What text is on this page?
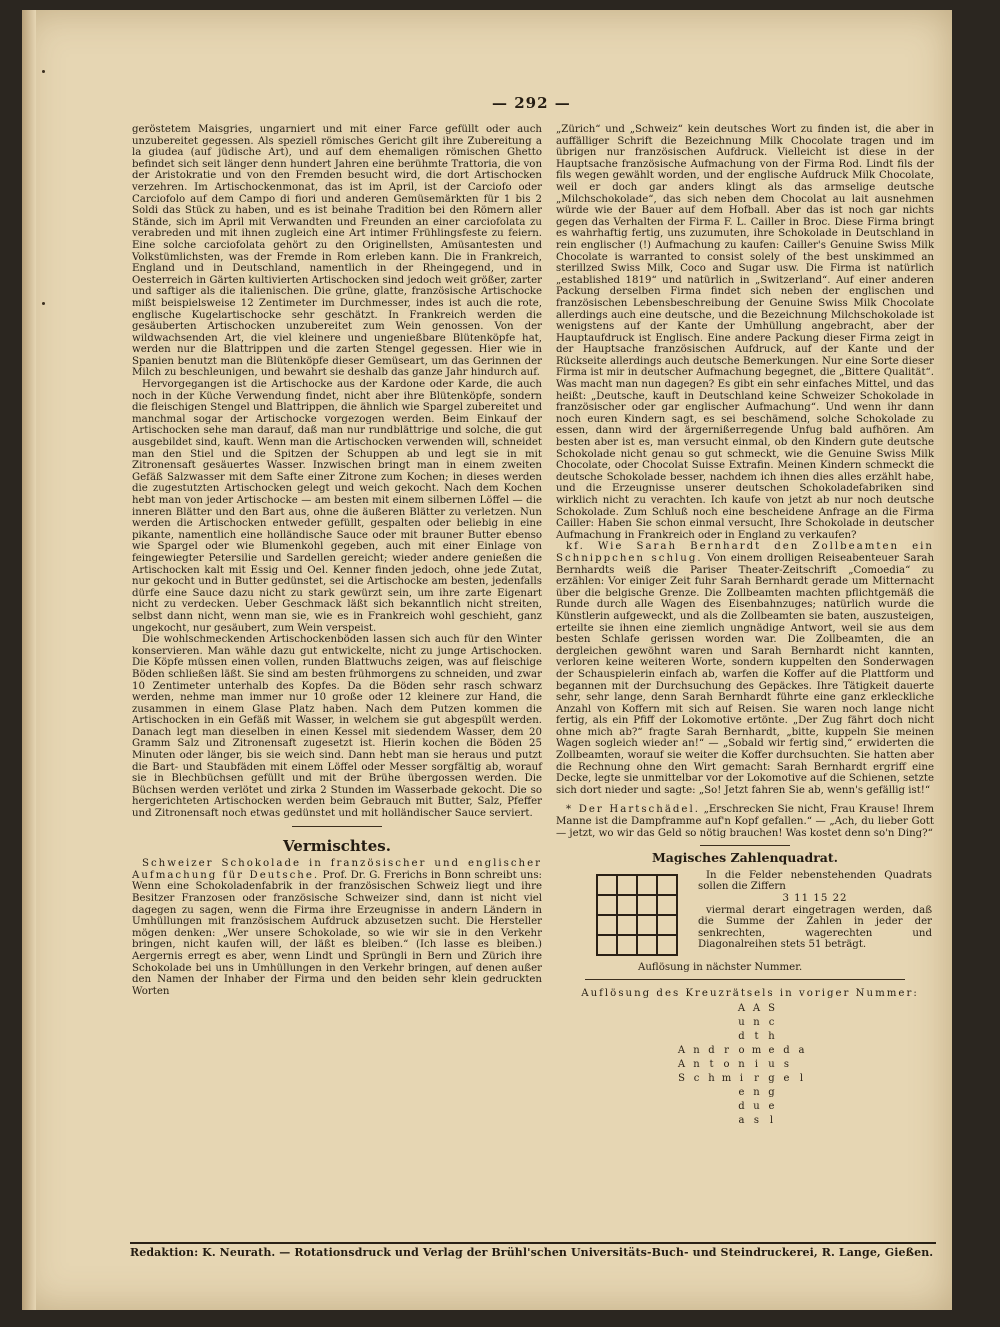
— 292 —

geröstetem Maisgries, ungarniert und mit einer Farce gefüllt oder auch unzubereitet gegessen. Als speziell römisches Gericht gilt ihre Zubereitung a la giudea (auf jüdische Art), und auf dem ehemaligen römischen Ghetto befindet sich seit länger denn hundert Jahren eine berühmte Trattoria, die von der Aristokratie und von den Fremden besucht wird, die dort Artischocken verzehren. Im Artischockenmonat, das ist im April, ist der Carciofo oder Carciofolo auf dem Campo di fiori und anderen Gemüsemärkten für 1 bis 2 Soldi das Stück zu haben, und es ist beinahe Tradition bei den Römern aller Stände, sich im April mit Verwandten und Freunden an einer carciofolata zu verabreden und mit ihnen zugleich eine Art intimer Frühlingsfeste zu feiern. Eine solche carciofolata gehört zu den Originellsten, Amüsantesten und Volkstümlichsten, was der Fremde in Rom erleben kann. Die in Frankreich, England und in Deutschland, namentlich in der Rheingegend, und in Oesterreich in Gärten kultivierten Artischocken sind jedoch weit größer, zarter und saftiger als die italienischen. Die grüne, glatte, französische Artischocke mißt beispielsweise 12 Zentimeter im Durchmesser, indes ist auch die rote, englische Kugelartischocke sehr geschätzt. In Frankreich werden die gesäuberten Artischocken unzubereitet zum Wein genossen. Von der wildwachsenden Art, die viel kleinere und ungenießbare Blütenköpfe hat, werden nur die Blattrippen und die zarten Stengel gegessen. Hier wie in Spanien benutzt man die Blütenköpfe dieser Gemüseart, um das Gerinnen der Milch zu beschleunigen, und bewahrt sie deshalb das ganze Jahr hindurch auf.

Hervorgegangen ist die Artischocke aus der Kardone oder Karde, die auch noch in der Küche Verwendung findet, nicht aber ihre Blütenköpfe, sondern die fleischigen Stengel und Blattrippen, die ähnlich wie Spargel zubereitet und manchmal sogar der Artischocke vorgezogen werden. Beim Einkauf der Artischocken sehe man darauf, daß man nur rundblättrige und solche, die gut ausgebildet sind, kauft. Wenn man die Artischocken verwenden will, schneidet man den Stiel und die Spitzen der Schuppen ab und legt sie in mit Zitronensaft gesäuertes Wasser. Inzwischen bringt man in einem zweiten Gefäß Salzwasser mit dem Safte einer Zitrone zum Kochen; in dieses werden die zugestutzten Artischocken gelegt und weich gekocht. Nach dem Kochen hebt man von jeder Artischocke — am besten mit einem silbernen Löffel — die inneren Blätter und den Bart aus, ohne die äußeren Blätter zu verletzen. Nun werden die Artischocken entweder gefüllt, gespalten oder beliebig in eine pikante, namentlich eine holländische Sauce oder mit brauner Butter ebenso wie Spargel oder wie Blumenkohl gegeben, auch mit einer Einlage von feingewiegter Petersilie und Sardellen gereicht; wieder andere genießen die Artischocken kalt mit Essig und Oel. Kenner finden jedoch, ohne jede Zutat, nur gekocht und in Butter gedünstet, sei die Artischocke am besten, jedenfalls dürfe eine Sauce dazu nicht zu stark gewürzt sein, um ihre zarte Eigenart nicht zu verdecken. Ueber Geschmack läßt sich bekanntlich nicht streiten, selbst dann nicht, wenn man sie, wie es in Frankreich wohl geschieht, ganz ungekocht, nur gesäubert, zum Wein verspeist.

Die wohlschmeckenden Artischockenböden lassen sich auch für den Winter konservieren. Man wähle dazu gut entwickelte, nicht zu junge Artischocken. Die Köpfe müssen einen vollen, runden Blattwuchs zeigen, was auf fleischige Böden schließen läßt. Sie sind am besten frühmorgens zu schneiden, und zwar 10 Zentimeter unterhalb des Kopfes. Da die Böden sehr rasch schwarz werden, nehme man immer nur 10 große oder 12 kleinere zur Hand, die zusammen in einem Glase Platz haben. Nach dem Putzen kommen die Artischocken in ein Gefäß mit Wasser, in welchem sie gut abgespült werden. Danach legt man dieselben in einen Kessel mit siedendem Wasser, dem 20 Gramm Salz und Zitronensaft zugesetzt ist. Hierin kochen die Böden 25 Minuten oder länger, bis sie weich sind. Dann hebt man sie heraus und putzt die Bart- und Staubfäden mit einem Löffel oder Messer sorgfältig ab, worauf sie in Blechbüchsen gefüllt und mit der Brühe übergossen werden. Die Büchsen werden verlötet und zirka 2 Stunden im Wasserbade gekocht. Die so hergerichteten Artischocken werden beim Gebrauch mit Butter, Salz, Pfeffer und Zitronensaft noch etwas gedünstet und mit holländischer Sauce serviert.

Vermischtes.

Schweizer Schokolade in französischer und englischer Aufmachung für Deutsche. Prof. Dr. G. Frerichs in Bonn schreibt uns: Wenn eine Schokoladenfabrik in der französischen Schweiz liegt und ihre Besitzer Franzosen oder französische Schweizer sind, dann ist nicht viel dagegen zu sagen, wenn die Firma ihre Erzeugnisse in andern Ländern in Umhüllungen mit französischem Aufdruck abzusetzen sucht. Die Hersteller mögen denken: „Wer unsere Schokolade, so wie wir sie in den Verkehr bringen, nicht kaufen will, der läßt es bleiben.“ (Ich lasse es bleiben.) Aergernis erregt es aber, wenn Lindt und Sprüngli in Bern und Zürich ihre Schokolade bei uns in Umhüllungen in den Verkehr bringen, auf denen außer den Namen der Inhaber der Firma und den beiden sehr klein gedruckten Worten

„Zürich“ und „Schweiz“ kein deutsches Wort zu finden ist, die aber in auffälliger Schrift die Bezeichnung Milk Chocolate tragen und im übrigen nur französischen Aufdruck. Vielleicht ist diese in der Hauptsache französische Aufmachung von der Firma Rod. Lindt fils der fils wegen gewählt worden, und der englische Aufdruck Milk Chocolate, weil er doch gar anders klingt als das armselige deutsche „Milchschokolade“, das sich neben dem Chocolat au lait ausnehmen würde wie der Bauer auf dem Hofball. Aber das ist noch gar nichts gegen das Verhalten der Firma F. L. Cailler in Broc. Diese Firma bringt es wahrhaftig fertig, uns zuzumuten, ihre Schokolade in Deutschland in rein englischer (!) Aufmachung zu kaufen: Cailler's Genuine Swiss Milk Chocolate is warranted to consist solely of the best unskimmed an sterillzed Swiss Milk, Coco and Sugar usw. Die Firma ist natürlich „established 1819“ und natürlich in „Switzerland“. Auf einer anderen Packung derselben Firma findet sich neben der englischen und französischen Lebensbeschreibung der Genuine Swiss Milk Chocolate allerdings auch eine deutsche, und die Bezeichnung Milchschokolade ist wenigstens auf der Kante der Umhüllung angebracht, aber der Hauptaufdruck ist Englisch. Eine andere Packung dieser Firma zeigt in der Hauptsache französischen Aufdruck, auf der Kante und der Rückseite allerdings auch deutsche Bemerkungen. Nur eine Sorte dieser Firma ist mir in deutscher Aufmachung begegnet, die „Bittere Qualität“. Was macht man nun dagegen? Es gibt ein sehr einfaches Mittel, und das heißt: „Deutsche, kauft in Deutschland keine Schweizer Schokolade in französischer oder gar englischer Aufmachung“. Und wenn ihr dann noch euren Kindern sagt, es sei beschämend, solche Schokolade zu essen, dann wird der ärgernißerregende Unfug bald aufhören. Am besten aber ist es, man versucht einmal, ob den Kindern gute deutsche Schokolade nicht genau so gut schmeckt, wie die Genuine Swiss Milk Chocolate, oder Chocolat Suisse Extrafin. Meinen Kindern schmeckt die deutsche Schokolade besser, nachdem ich ihnen dies alles erzählt habe, und die Erzeugnisse unserer deutschen Schokoladefabriken sind wirklich nicht zu verachten. Ich kaufe von jetzt ab nur noch deutsche Schokolade. Zum Schluß noch eine bescheidene Anfrage an die Firma Cailler: Haben Sie schon einmal versucht, Ihre Schokolade in deutscher Aufmachung in Frankreich oder in England zu verkaufen?

kf. Wie Sarah Bernhardt den Zollbeamten ein Schnippchen schlug. Von einem drolligen Reiseabenteuer Sarah Bernhardts weiß die Pariser Theater-Zeitschrift „Comoedia“ zu erzählen: Vor einiger Zeit fuhr Sarah Bernhardt gerade um Mitternacht über die belgische Grenze. Die Zollbeamten machten pflichtgemäß die Runde durch alle Wagen des Eisenbahnzuges; natürlich wurde die Künstlerin aufgeweckt, und als die Zollbeamten sie baten, auszusteigen, erteilte sie ihnen eine ziemlich ungnädige Antwort, weil sie aus dem besten Schlafe gerissen worden war. Die Zollbeamten, die an dergleichen gewöhnt waren und Sarah Bernhardt nicht kannten, verloren keine weiteren Worte, sondern kuppelten den Sonderwagen der Schauspielerin einfach ab, warfen die Koffer auf die Plattform und begannen mit der Durchsuchung des Gepäckes. Ihre Tätigkeit dauerte sehr, sehr lange, denn Sarah Bernhardt führte eine ganz erkleckliche Anzahl von Koffern mit sich auf Reisen. Sie waren noch lange nicht fertig, als ein Pfiff der Lokomotive ertönte. „Der Zug fährt doch nicht ohne mich ab?“ fragte Sarah Bernhardt, „bitte, kuppeln Sie meinen Wagen sogleich wieder an!“ — „Sobald wir fertig sind,“ erwiderten die Zollbeamten, worauf sie weiter die Koffer durchsuchten. Sie hatten aber die Rechnung ohne den Wirt gemacht: Sarah Bernhardt ergriff eine Decke, legte sie unmittelbar vor der Lokomotive auf die Schienen, setzte sich dort nieder und sagte: „So! Jetzt fahren Sie ab, wenn's gefällig ist!“

* Der Hartschädel. „Erschrecken Sie nicht, Frau Krause! Ihrem Manne ist die Dampframme auf'n Kopf gefallen.“ — „Ach, du lieber Gott — jetzt, wo wir das Geld so nötig brauchen! Was kostet denn so'n Ding?“

Magisches Zahlenquadrat.

In die Felder nebenstehenden Quadrats sollen die Ziffern

3 11 15 22

viermal derart eingetragen werden, daß die Summe der Zahlen in jeder der senkrechten, wagerechten und Diagonalreihen stets 51 beträgt.

Auflösung in nächster Nummer.

Auflösung des Kreuzrätsels in voriger Nummer:

A A S
u n c
d t h
A n d r o m e d a
A n t o n	i	u s
S c h m i	r g e	l
e n g
d u e
a s	l
Redaktion: K. Neurath. — Rotationsdruck und Verlag der Brühl'schen Universitäts-Buch- und Steindruckerei, R. Lange, Gießen.
